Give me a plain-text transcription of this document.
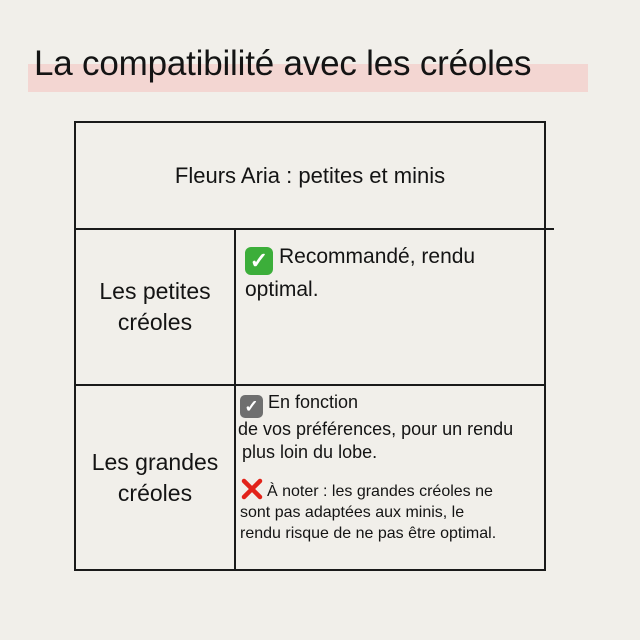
La compatibilité avec les créoles
Fleurs Aria : petites et minis
Les petites
créoles
✓ Recommandé, rendu
optimal.
Les grandes
créoles
✓ En fonction
de vos préférences, pour un rendu
plus loin du lobe.
À noter : les grandes créoles ne
sont pas adaptées aux minis, le
rendu risque de ne pas être optimal.
